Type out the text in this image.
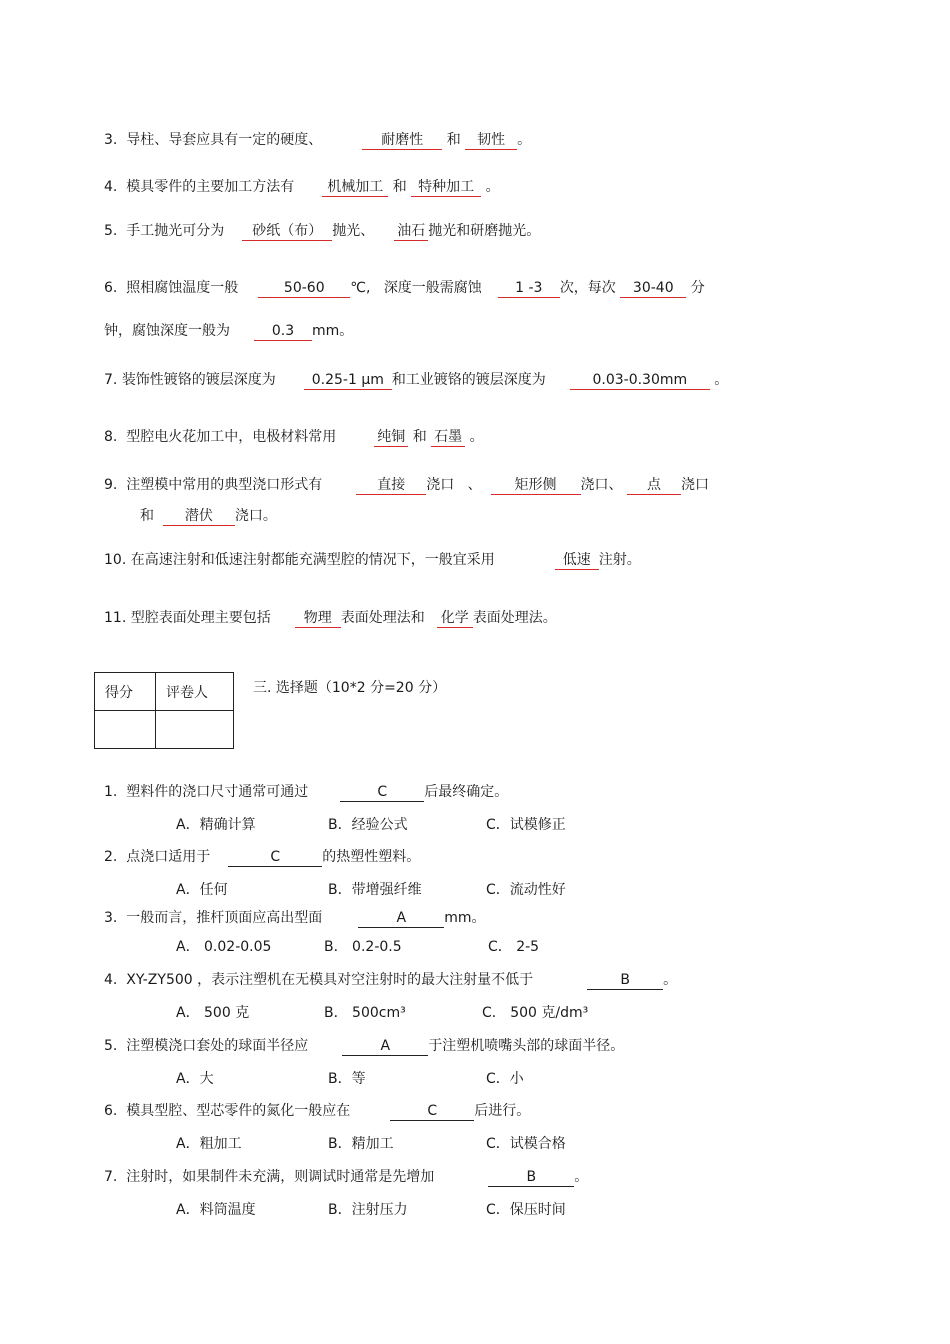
3. 导柱、导套应具有一定的硬度、	耐磨性 和 韧性 。
4. 模具零件的主要加工方法有 机械加工 和 特种加工 。
5. 手工抛光可分为 砂纸（布） 抛光、 油石 抛光和研磨抛光。
6. 照相腐蚀温度一般	50-60 ℃, 深度一般需腐蚀 1 -3 次，每次 30-40 分
钟，腐蚀深度一般为	0.3 mm。
7. 装饰性镀铬的镀层深度为	0.25-1 μm 和工业镀铬的镀层深度为	0.03-0.30mm 。
8. 型腔电火花加工中，电极材料常用	纯铜 和 石墨 。
9. 注塑模中常用的典型浇口形式有	直接 浇口 、 矩形侧 浇口、 点 浇口
和 潜伏 浇口。
10. 在高速注射和低速注射都能充满型腔的情况下，一般宜采用	低速 注射。
11. 型腔表面处理主要包括 物理 表面处理法和 化学 表面处理法。
得分	评卷人
		三. 选择题（10*2 分=20 分）
1. 塑料件的浇口尺寸通常可通过	C	后最终确定。
A．精确计算	B．经验公式	C．试模修正
2. 点浇口适用于	C	的热塑性塑料。
A．任何	B．带增强纤维	C．流动性好
3. 一般而言，推杆顶面应高出型面	A	mm。
A． 0.02-0.05	B． 0.2-0.5	C． 2-5
4. XY-ZY500 ，表示注塑机在无模具对空注射时的最大注射量不低于	B 。
A． 500 克	B． 500cm³	C． 500 克/dm³
5. 注塑模浇口套处的球面半径应	A	于注塑机喷嘴头部的球面半径。
A．大	B．等	C．小
6. 模具型腔、型芯零件的氮化一般应在	C	后进行。
A．粗加工	B．精加工	C．试模合格
7. 注射时，如果制件未充满，则调试时通常是先增加	B	。
A．料筒温度	B．注射压力	C．保压时间
